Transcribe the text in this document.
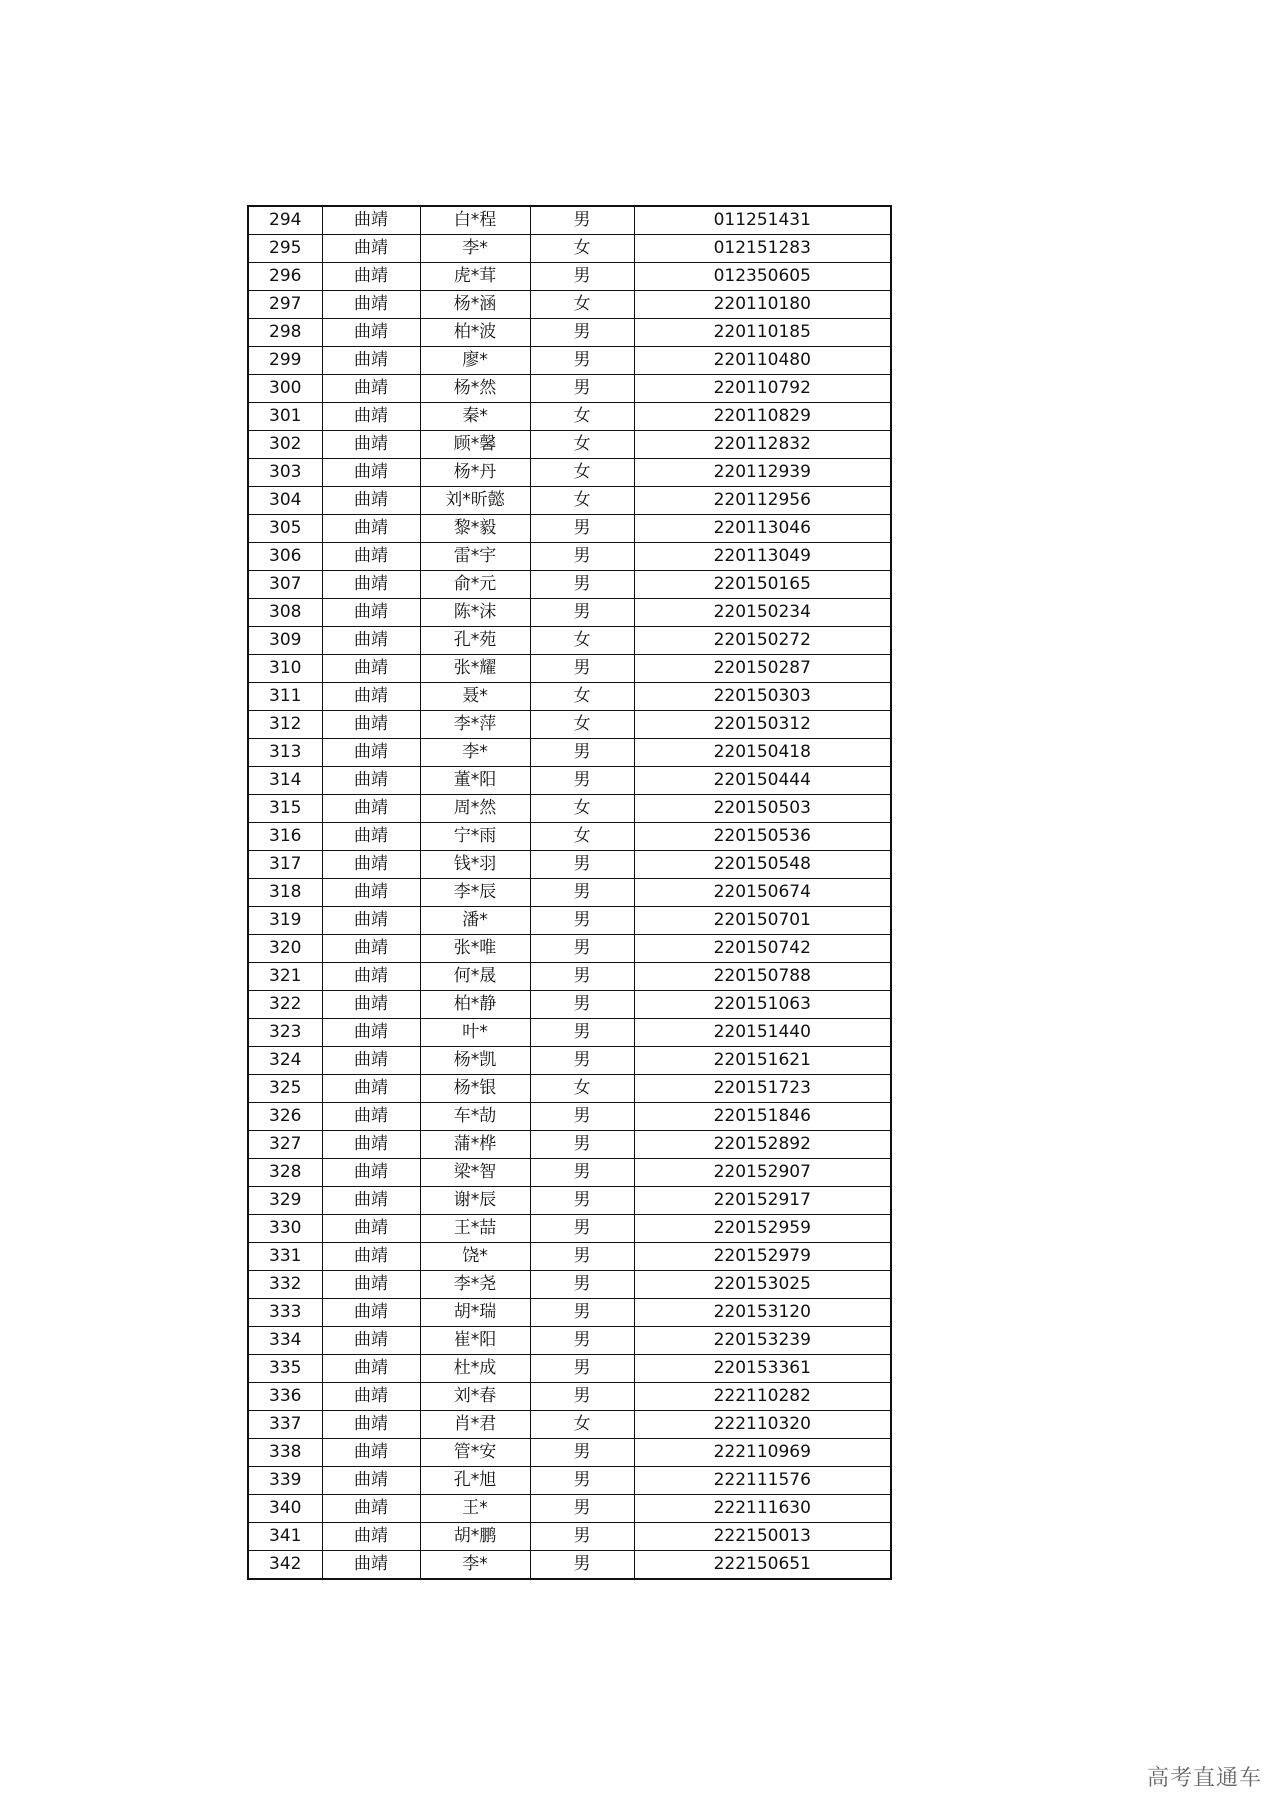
294	曲靖	白*程	男	011251431
295	曲靖	李*	女	012151283
296	曲靖	虎*茸	男	012350605
297	曲靖	杨*涵	女	220110180
298	曲靖	柏*波	男	220110185
299	曲靖	廖*	男	220110480
300	曲靖	杨*然	男	220110792
301	曲靖	秦*	女	220110829
302	曲靖	顾*馨	女	220112832
303	曲靖	杨*丹	女	220112939
304	曲靖	刘*昕懿	女	220112956
305	曲靖	黎*毅	男	220113046
306	曲靖	雷*宇	男	220113049
307	曲靖	俞*元	男	220150165
308	曲靖	陈*沫	男	220150234
309	曲靖	孔*苑	女	220150272
310	曲靖	张*耀	男	220150287
311	曲靖	聂*	女	220150303
312	曲靖	李*萍	女	220150312
313	曲靖	李*	男	220150418
314	曲靖	董*阳	男	220150444
315	曲靖	周*然	女	220150503
316	曲靖	宁*雨	女	220150536
317	曲靖	钱*羽	男	220150548
318	曲靖	李*辰	男	220150674
319	曲靖	潘*	男	220150701
320	曲靖	张*唯	男	220150742
321	曲靖	何*晟	男	220150788
322	曲靖	柏*静	男	220151063
323	曲靖	叶*	男	220151440
324	曲靖	杨*凯	男	220151621
325	曲靖	杨*银	女	220151723
326	曲靖	车*劼	男	220151846
327	曲靖	蒲*桦	男	220152892
328	曲靖	梁*智	男	220152907
329	曲靖	谢*辰	男	220152917
330	曲靖	王*喆	男	220152959
331	曲靖	饶*	男	220152979
332	曲靖	李*尧	男	220153025
333	曲靖	胡*瑞	男	220153120
334	曲靖	崔*阳	男	220153239
335	曲靖	杜*成	男	220153361
336	曲靖	刘*春	男	222110282
337	曲靖	肖*君	女	222110320
338	曲靖	管*安	男	222110969
339	曲靖	孔*旭	男	222111576
340	曲靖	王*	男	222111630
341	曲靖	胡*鹏	男	222150013
342	曲靖	李*	男	222150651
高考直通车
